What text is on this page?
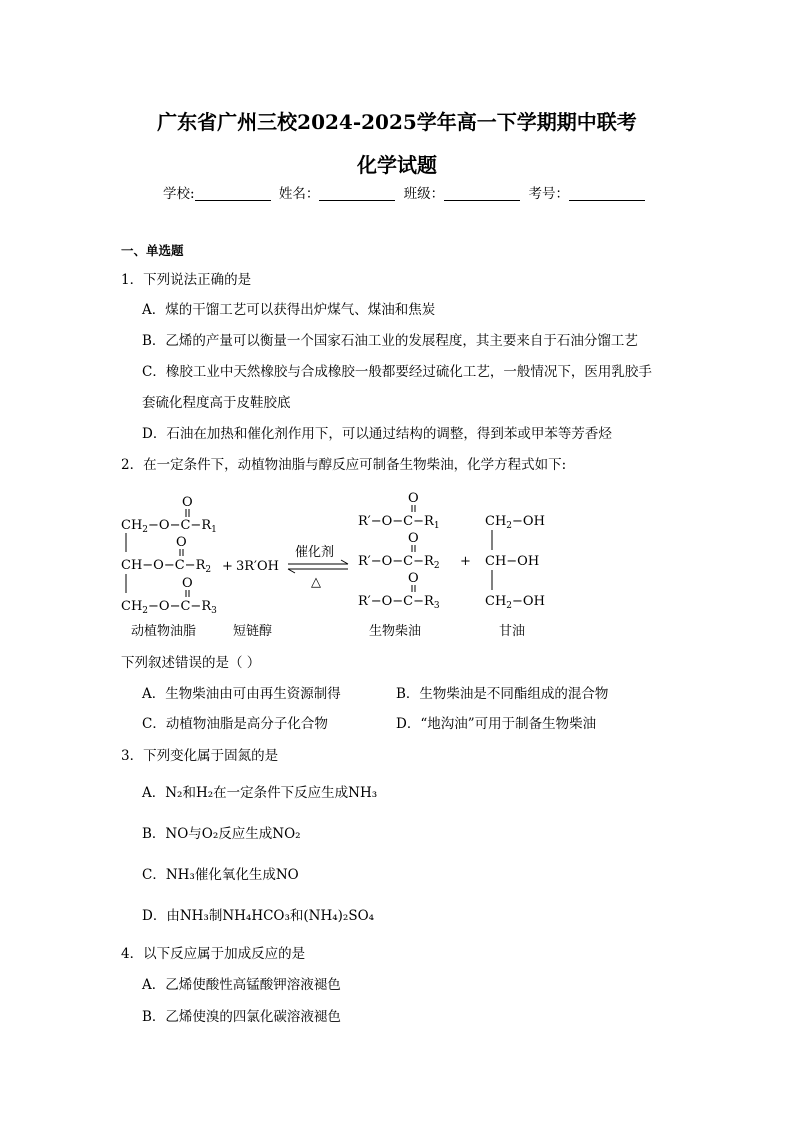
广东省广州三校2024-2025学年高一下学期期中联考
化学试题
学校:	姓名：	班级：	考号：
一、单选题
1．下列说法正确的是
A．煤的干馏工艺可以获得出炉煤气、煤油和焦炭
B．乙烯的产量可以衡量一个国家石油工业的发展程度，其主要来自于石油分馏工艺
C．橡胶工业中天然橡胶与合成橡胶一般都要经过硫化工艺，一般情况下，医用乳胶手
套硫化程度高于皮鞋胶底
D．石油在加热和催化剂作用下，可以通过结构的调整，得到苯或甲苯等芳香烃
2．在一定条件下，动植物油脂与醇反应可制备生物柴油，化学方程式如下:
O
$CH_2-O-C-R_1$
O
$CH-O-C-R_2$
O
$CH_2-O-C-R_3$
+ 3R′OH
催化剂
△
O
$R'-O-C-R_1$
O
$R'-O-C-R_2$
O
$R'-O-C-R_3$
+
$CH_2-OH$
CH−OH
$CH_2-OH$
动植物油脂	短链醇	生物柴油	甘油
下列叙述错误的是（ ）
A．生物柴油由可由再生资源制得	B．生物柴油是不同酯组成的混合物
C．动植物油脂是高分子化合物	D．“地沟油”可用于制备生物柴油
3．下列变化属于固氮的是
A．N₂和H₂在一定条件下反应生成NH₃
B．NO与O₂反应生成NO₂
C．NH₃催化氧化生成NO
D．由NH₃制NH₄HCO₃和(NH₄)₂SO₄
4．以下反应属于加成反应的是
A．乙烯使酸性高锰酸钾溶液褪色
B．乙烯使溴的四氯化碳溶液褪色
